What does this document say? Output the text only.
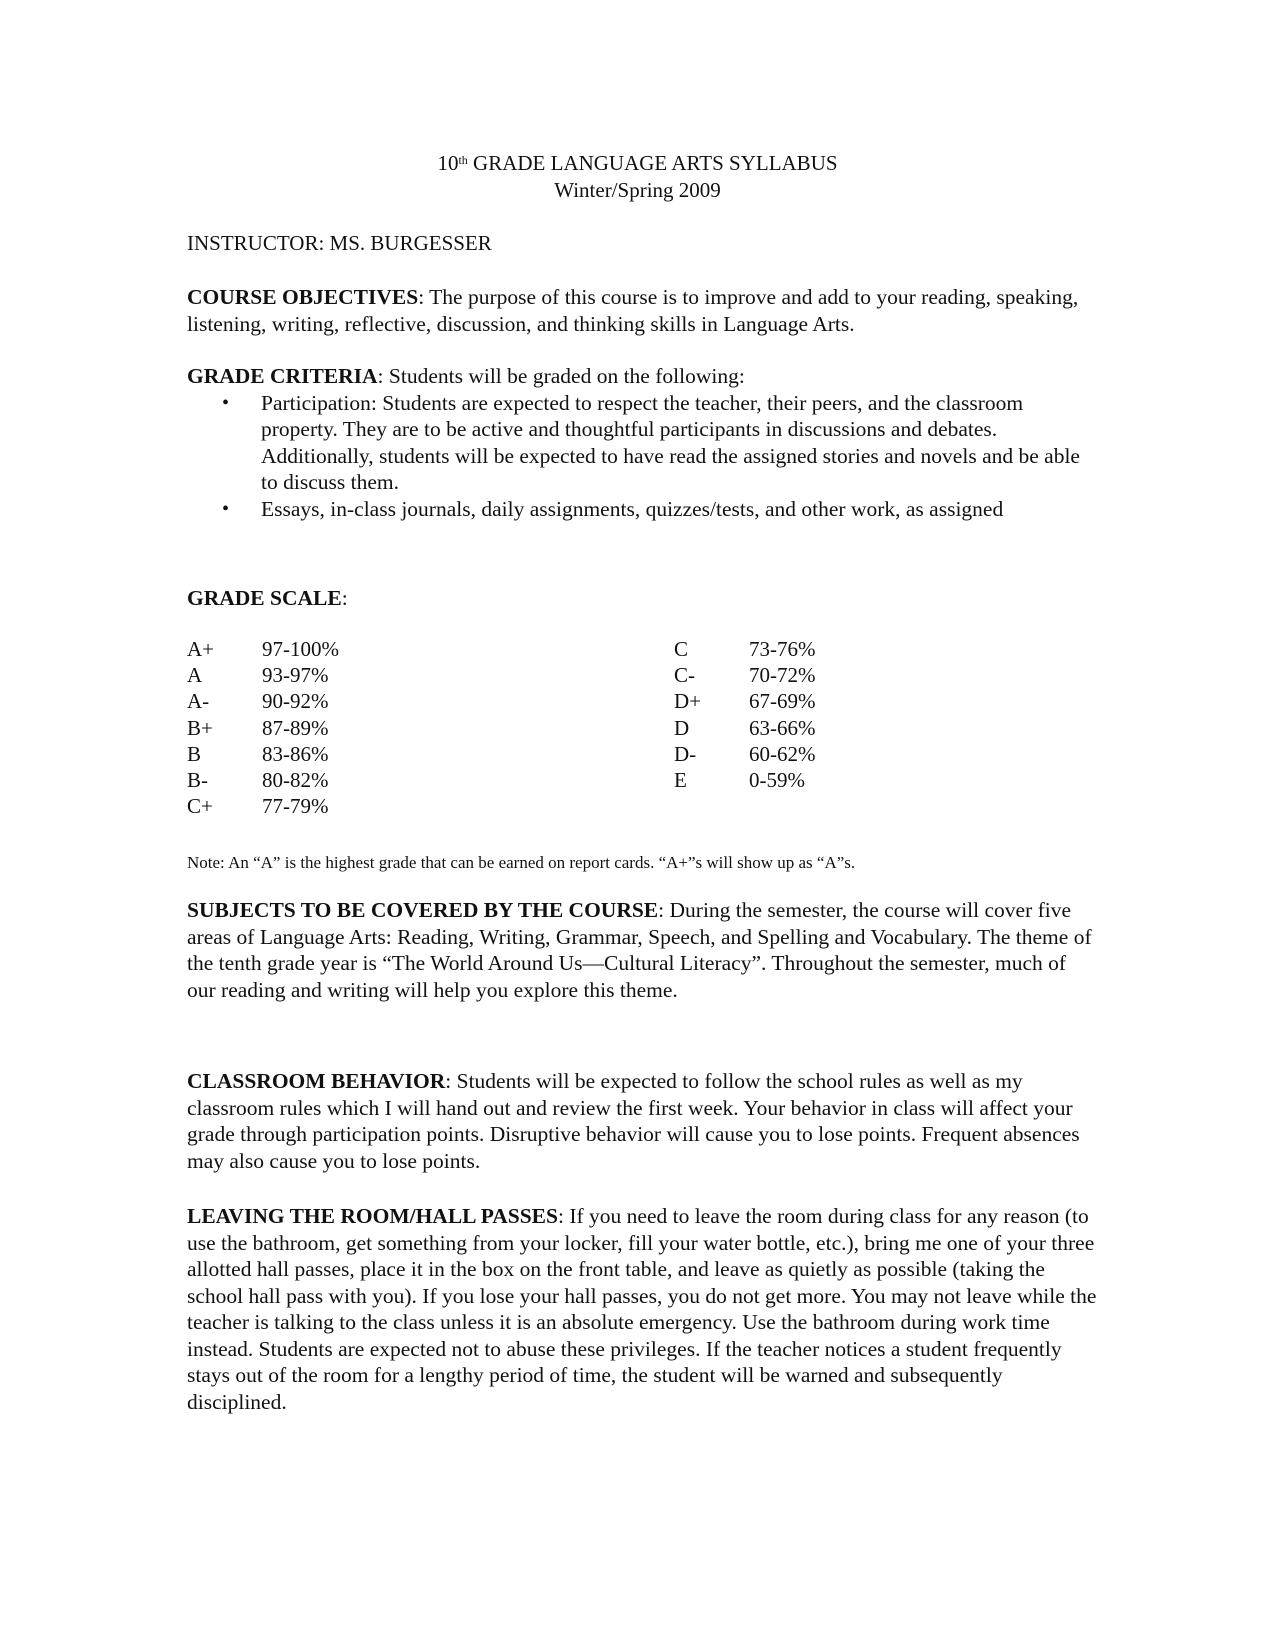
10th GRADE LANGUAGE ARTS SYLLABUS
Winter/Spring 2009
INSTRUCTOR: MS. BURGESSER
COURSE OBJECTIVES: The purpose of this course is to improve and add to your reading, speaking, listening, writing, reflective, discussion, and thinking skills in Language Arts.
GRADE CRITERIA: Students will be graded on the following:
• Participation: Students are expected to respect the teacher, their peers, and the classroom property. They are to be active and thoughtful participants in discussions and debates. Additionally, students will be expected to have read the assigned stories and novels and be able to discuss them.
• Essays, in-class journals, daily assignments, quizzes/tests, and other work, as assigned
GRADE SCALE:
A+ 97-100%
A	93-97%
A-	90-92%
B+ 87-89%
B	83-86%
B-	80-82%
C+ 77-79%
C	73-76%
C-	70-72%
D+ 67-69%
D	63-66%
D-	60-62%
E	0-59%
Note: An “A” is the highest grade that can be earned on report cards. “A+”s will show up as “A”s.
SUBJECTS TO BE COVERED BY THE COURSE: During the semester, the course will cover five areas of Language Arts: Reading, Writing, Grammar, Speech, and Spelling and Vocabulary. The theme of the tenth grade year is “The World Around Us—Cultural Literacy”. Throughout the semester, much of our reading and writing will help you explore this theme.
CLASSROOM BEHAVIOR: Students will be expected to follow the school rules as well as my classroom rules which I will hand out and review the first week. Your behavior in class will affect your grade through participation points. Disruptive behavior will cause you to lose points. Frequent absences may also cause you to lose points.
LEAVING THE ROOM/HALL PASSES: If you need to leave the room during class for any reason (to use the bathroom, get something from your locker, fill your water bottle, etc.), bring me one of your three allotted hall passes, place it in the box on the front table, and leave as quietly as possible (taking the school hall pass with you). If you lose your hall passes, you do not get more. You may not leave while the teacher is talking to the class unless it is an absolute emergency. Use the bathroom during work time instead. Students are expected not to abuse these privileges. If the teacher notices a student frequently stays out of the room for a lengthy period of time, the student will be warned and subsequently disciplined.
